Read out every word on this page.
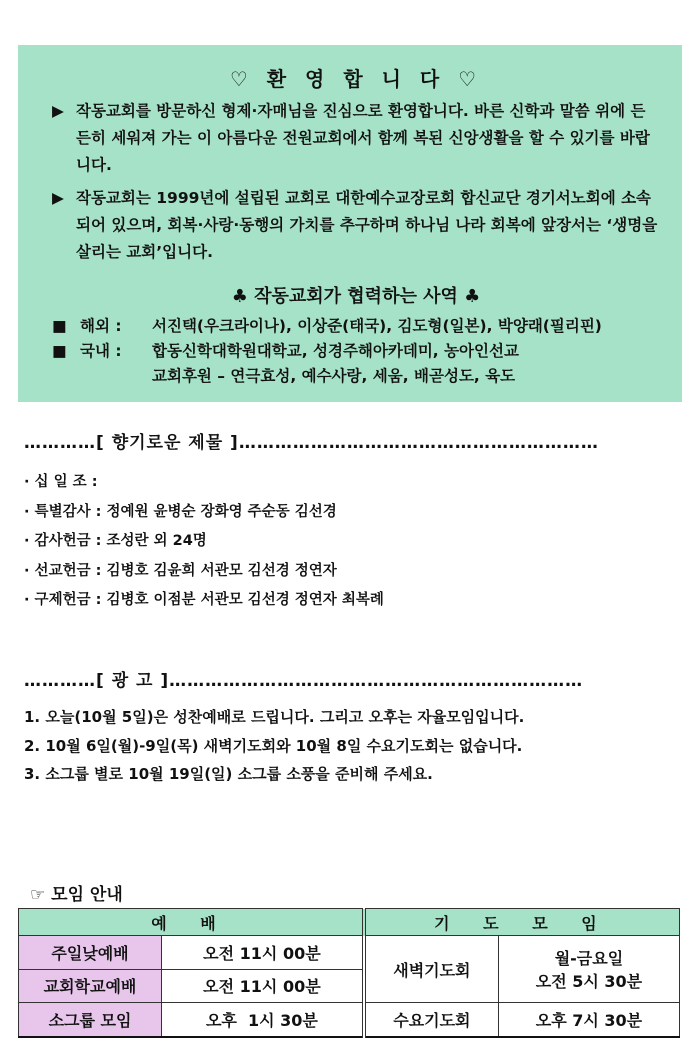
♡ 환 영 합 니 다 ♡
▶ 작동교회를 방문하신 형제·자매님을 진심으로 환영합니다. 바른 신학과 말씀 위에 든든히 세워져 가는 이 아름다운 전원교회에서 함께 복된 신앙생활을 할 수 있기를 바랍니다.
▶ 작동교회는 1999년에 설립된 교회로 대한예수교장로회 합신교단 경기서노회에 소속되어 있으며, 회복·사랑·동행의 가치를 추구하며 하나님 나라 회복에 앞장서는 ‘생명을 살리는 교회’입니다.
♣ 작동교회가 협력하는 사역 ♣
■ 해외 : 서진택(우크라이나), 이상준(태국), 김도형(일본), 박양래(필리핀)
■ 국내 : 합동신학대학원대학교, 성경주해아카데미, 농아인선교
교회후원 – 연극효성, 예수사랑, 세움, 배곧성도, 육도
…………[ 향기로운 제물 ]……………………………………………………
· 십 일 조 :
· 특별감사 : 정예원 윤병순 장화영 주순동 김선경
· 감사헌금 : 조성란 외 24명
· 선교헌금 : 김병호 김윤희 서관모 김선경 정연자
· 구제헌금 : 김병호 이점분 서관모 김선경 정연자 최복례
…………[ 광 고 ]……………………………………………………………
1. 오늘(10월 5일)은 성찬예배로 드립니다. 그리고 오후는 자율모임입니다.
2. 10월 6일(월)-9일(목) 새벽기도회와 10월 8일 수요기도회는 없습니다.
3. 소그룹 별로 10월 19일(일) 소그룹 소풍을 준비해 주세요.
☞ 모임 안내
예 배		기 도 모 임	
주일낮예배	오전 11시 00분	새벽기도회	월-금요일
오전 5시 30분

교회학교예배	오전 11시 00분		
소그룹 모임	오후  1시 30분	수요기도회	오후 7시 30분
